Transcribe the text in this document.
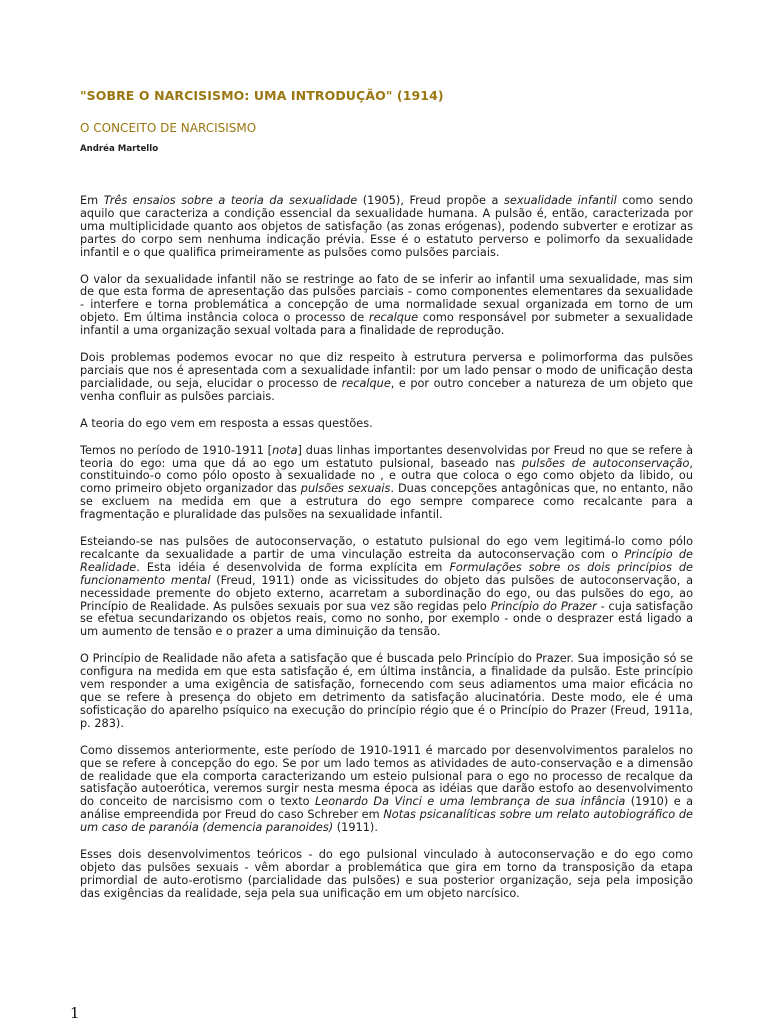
"SOBRE O NARCISISMO: UMA INTRODUÇÃO" (1914)
O CONCEITO DE NARCISISMO
Andréa Martello

Em Três ensaios sobre a teoria da sexualidade (1905), Freud propõe a sexualidade infantil como sendo aquilo que caracteriza a condição essencial da sexualidade humana. A pulsão é, então, caracterizada por uma multiplicidade quanto aos objetos de satisfação (as zonas erógenas), podendo subverter e erotizar as partes do corpo sem nenhuma indicação prévia. Esse é o estatuto perverso e polimorfo da sexualidade infantil e o que qualifica primeiramente as pulsões como pulsões parciais.

O valor da sexualidade infantil não se restringe ao fato de se inferir ao infantil uma sexualidade, mas sim de que esta forma de apresentação das pulsões parciais - como componentes elementares da sexualidade - interfere e torna problemática a concepção de uma normalidade sexual organizada em torno de um objeto. Em última instância coloca o processo de recalque como responsável por submeter a sexualidade infantil a uma organização sexual voltada para a finalidade de reprodução.

Dois problemas podemos evocar no que diz respeito à estrutura perversa e polimorforma das pulsões parciais que nos é apresentada com a sexualidade infantil: por um lado pensar o modo de unificação desta parcialidade, ou seja, elucidar o processo de recalque, e por outro conceber a natureza de um objeto que venha confluir as pulsões parciais.

A teoria do ego vem em resposta a essas questões.

Temos no período de 1910-1911 [nota] duas linhas importantes desenvolvidas por Freud no que se refere à teoria do ego: uma que dá ao ego um estatuto pulsional, baseado nas pulsões de autoconservação, constituindo-o como pólo oposto à sexualidade no , e outra que coloca o ego como objeto da libido, ou como primeiro objeto organizador das pulsões sexuais. Duas concepções antagônicas que, no entanto, não se excluem na medida em que a estrutura do ego sempre comparece como recalcante para a fragmentação e pluralidade das pulsões na sexualidade infantil.

Esteiando-se nas pulsões de autoconservação, o estatuto pulsional do ego vem legitimá-lo como pólo recalcante da sexualidade a partir de uma vinculação estreita da autoconservação com o Princípio de Realidade. Esta idéia é desenvolvida de forma explícita em Formulações sobre os dois princípios de funcionamento mental (Freud, 1911) onde as vicissitudes do objeto das pulsões de autoconservação, a necessidade premente do objeto externo, acarretam a subordinação do ego, ou das pulsões do ego, ao Princípio de Realidade. As pulsões sexuais por sua vez são regidas pelo Princípio do Prazer - cuja satisfação se efetua secundarizando os objetos reais, como no sonho, por exemplo - onde o desprazer está ligado a um aumento de tensão e o prazer a uma diminuição da tensão.

O Princípio de Realidade não afeta a satisfação que é buscada pelo Princípio do Prazer. Sua imposição só se configura na medida em que esta satisfação é, em última instância, a finalidade da pulsão. Este princípio vem responder a uma exigência de satisfação, fornecendo com seus adiamentos uma maior eficácia no que se refere à presença do objeto em detrimento da satisfação alucinatória. Deste modo, ele é uma sofisticação do aparelho psíquico na execução do princípio régio que é o Princípio do Prazer (Freud, 1911a, p. 283).

Como dissemos anteriormente, este período de 1910-1911 é marcado por desenvolvimentos paralelos no que se refere à concepção do ego. Se por um lado temos as atividades de auto-conservação e a dimensão de realidade que ela comporta caracterizando um esteio pulsional para o ego no processo de recalque da satisfação autoerótica, veremos surgir nesta mesma época as idéias que darão estofo ao desenvolvimento do conceito de narcisismo com o texto Leonardo Da Vinci e uma lembrança de sua infância (1910) e a análise empreendida por Freud do caso Schreber em Notas psicanalíticas sobre um relato autobiográfico de um caso de paranóia (demencia paranoides) (1911).

Esses dois desenvolvimentos teóricos - do ego pulsional vinculado à autoconservação e do ego como objeto das pulsões sexuais - vêm abordar a problemática que gira em torno da transposição da etapa primordial de auto-erotismo (parcialidade das pulsões) e sua posterior organização, seja pela imposição das exigências da realidade, seja pela sua unificação em um objeto narcísico.

1
